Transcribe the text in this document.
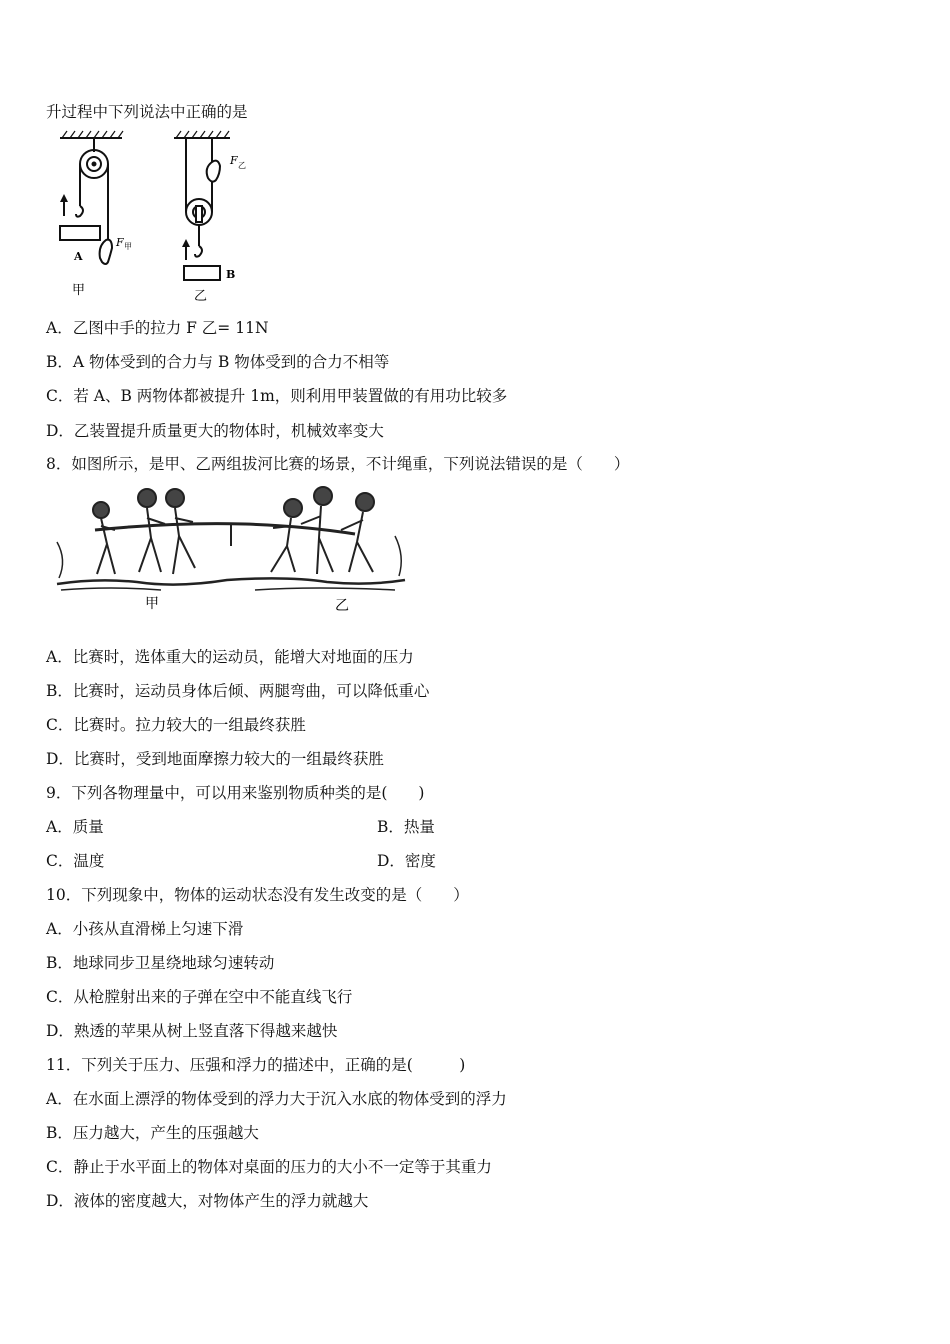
升过程中下列说法中正确的是
A
F 甲
甲
F 乙
B
乙
A．乙图中手的拉力 F 乙= 11N
B．A 物体受到的合力与 B 物体受到的合力不相等
C．若 A、B 两物体都被提升 1m，则利用甲装置做的有用功比较多
D．乙装置提升质量更大的物体时，机械效率变大
8．如图所示，是甲、乙两组拔河比赛的场景，不计绳重，下列说法错误的是（　　）
甲	乙
A．比赛时，选体重大的运动员，能增大对地面的压力
B．比赛时，运动员身体后倾、两腿弯曲，可以降低重心
C．比赛时。拉力较大的一组最终获胜
D．比赛时，受到地面摩擦力较大的一组最终获胜
9．下列各物理量中，可以用来鉴别物质种类的是(　　)
A．质量	B．热量
C．温度	D．密度
10．下列现象中，物体的运动状态没有发生改变的是（　　）
A．小孩从直滑梯上匀速下滑
B．地球同步卫星绕地球匀速转动
C．从枪膛射出来的子弹在空中不能直线飞行
D．熟透的苹果从树上竖直落下得越来越快
11．下列关于压力、压强和浮力的描述中，正确的是(　　　)
A．在水面上漂浮的物体受到的浮力大于沉入水底的物体受到的浮力
B．压力越大，产生的压强越大
C．静止于水平面上的物体对桌面的压力的大小不一定等于其重力
D．液体的密度越大，对物体产生的浮力就越大
